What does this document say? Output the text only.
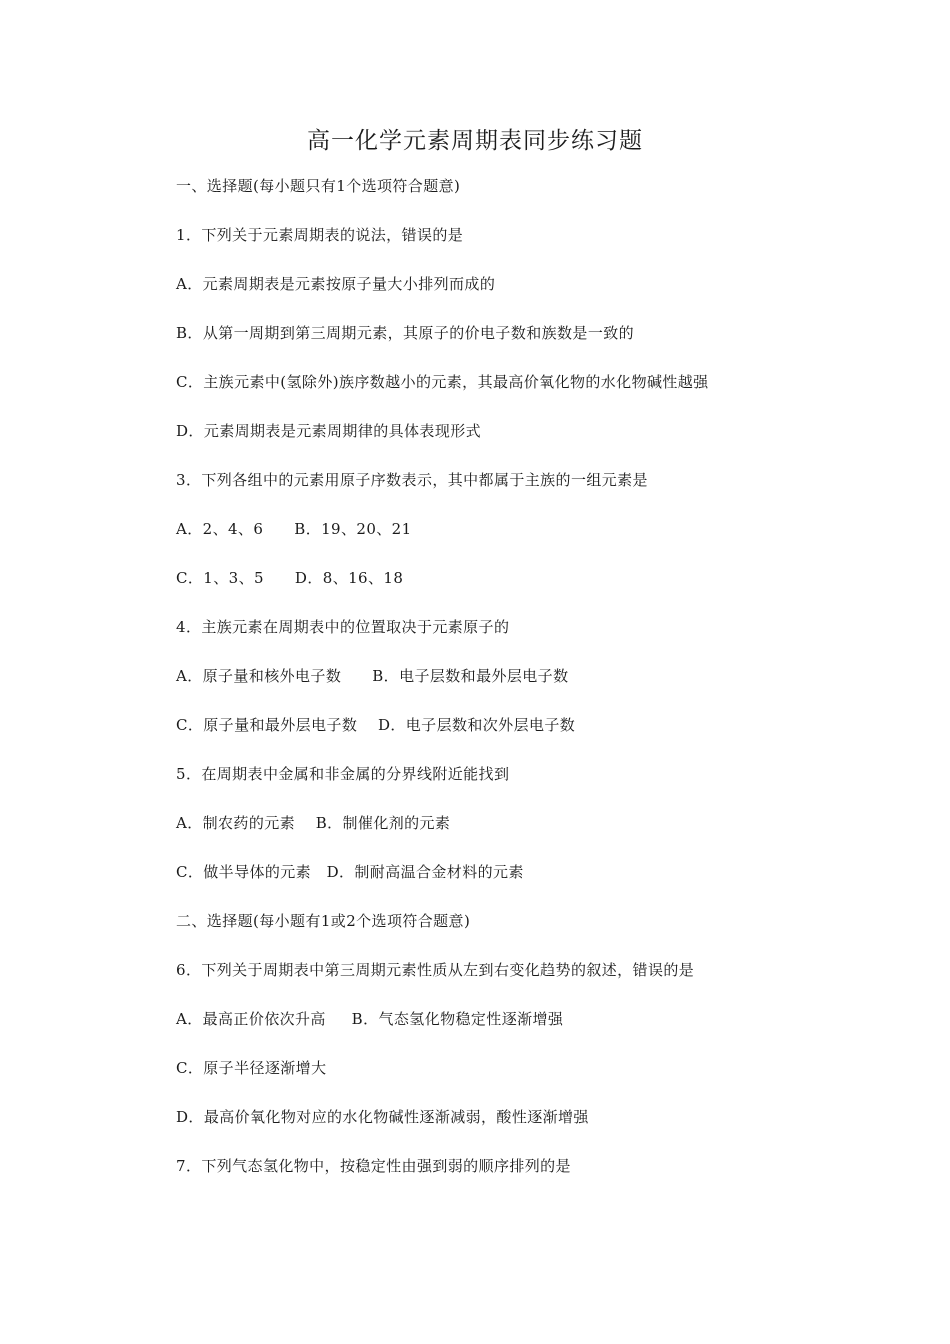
高一化学元素周期表同步练习题
一、选择题(每小题只有1个选项符合题意)
1．下列关于元素周期表的说法，错误的是
A．元素周期表是元素按原子量大小排列而成的
B．从第一周期到第三周期元素，其原子的价电子数和族数是一致的
C．主族元素中(氢除外)族序数越小的元素，其最高价氧化物的水化物碱性越强
D．元素周期表是元素周期律的具体表现形式
3．下列各组中的元素用原子序数表示，其中都属于主族的一组元素是
A．2、4、6      B．19、20、21
C．1、3、5      D．8、16、18
4．主族元素在周期表中的位置取决于元素原子的
A．原子量和核外电子数      B．电子层数和最外层电子数
C．原子量和最外层电子数    D．电子层数和次外层电子数
5．在周期表中金属和非金属的分界线附近能找到
A．制农药的元素    B．制催化剂的元素
C．做半导体的元素   D．制耐高温合金材料的元素
二、选择题(每小题有1或2个选项符合题意)
6．下列关于周期表中第三周期元素性质从左到右变化趋势的叙述，错误的是
A．最高正价依次升高     B．气态氢化物稳定性逐渐增强
C．原子半径逐渐增大
D．最高价氧化物对应的水化物碱性逐渐减弱，酸性逐渐增强
7．下列气态氢化物中，按稳定性由强到弱的顺序排列的是
